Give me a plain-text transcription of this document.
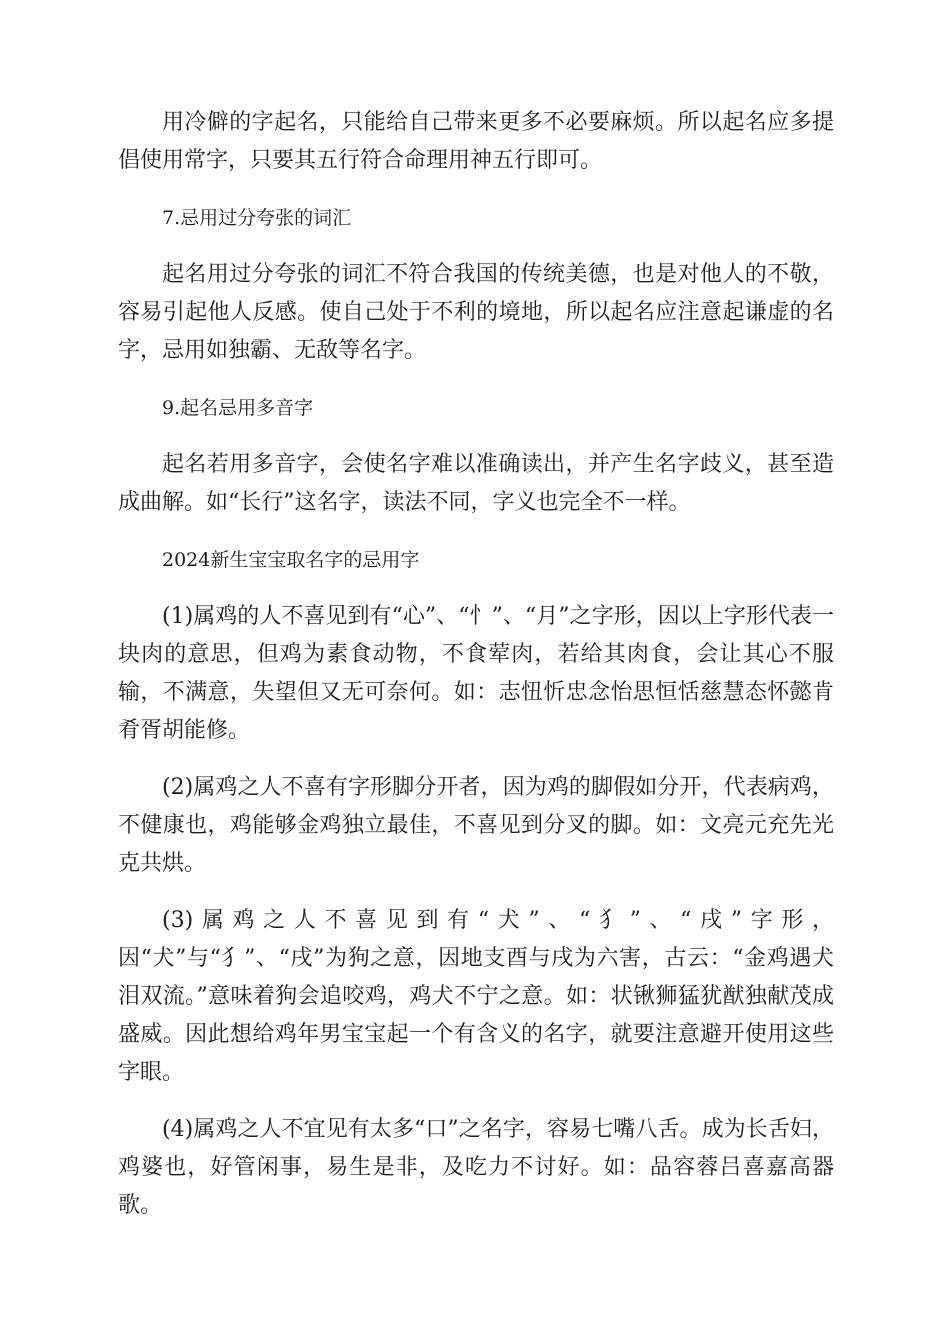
用冷僻的字起名，只能给自己带来更多不必要麻烦。所以起名应多提倡使用常字，只要其五行符合命理用神五行即可。

7.忌用过分夸张的词汇

起名用过分夸张的词汇不符合我国的传统美德，也是对他人的不敬，容易引起他人反感。使自己处于不利的境地，所以起名应注意起谦虚的名字，忌用如独霸、无敌等名字。

9.起名忌用多音字

起名若用多音字，会使名字难以准确读出，并产生名字歧义，甚至造成曲解。如“长行”这名字，读法不同，字义也完全不一样。

2024新生宝宝取名字的忌用字

(1)属鸡的人不喜见到有“心”、“忄”、“月”之字形，因以上字形代表一块肉的意思，但鸡为素食动物，不食荤肉，若给其肉食，会让其心不服输，不满意，失望但又无可奈何。如：志忸忻忠念怡思恒恬慈慧态怀懿肯肴胥胡能修。

(2)属鸡之人不喜有字形脚分开者，因为鸡的脚假如分开，代表病鸡，不健康也，鸡能够金鸡独立最佳，不喜见到分叉的脚。如：文亮元充先光克共烘。

(3)属鸡之人不喜见到有“犬”、“犭”、“戌”字形，因“犬”与“犭”、“戌”为狗之意，因地支酉与戌为六害，古云：“金鸡遇犬泪双流。”意味着狗会追咬鸡，鸡犬不宁之意。如：状锹狮猛犹猷独献茂成盛威。因此想给鸡年男宝宝起一个有含义的名字，就要注意避开使用这些字眼。

(4)属鸡之人不宜见有太多“口”之名字，容易七嘴八舌。成为长舌妇，鸡婆也，好管闲事，易生是非，及吃力不讨好。如：品容蓉吕喜嘉高器歌。
